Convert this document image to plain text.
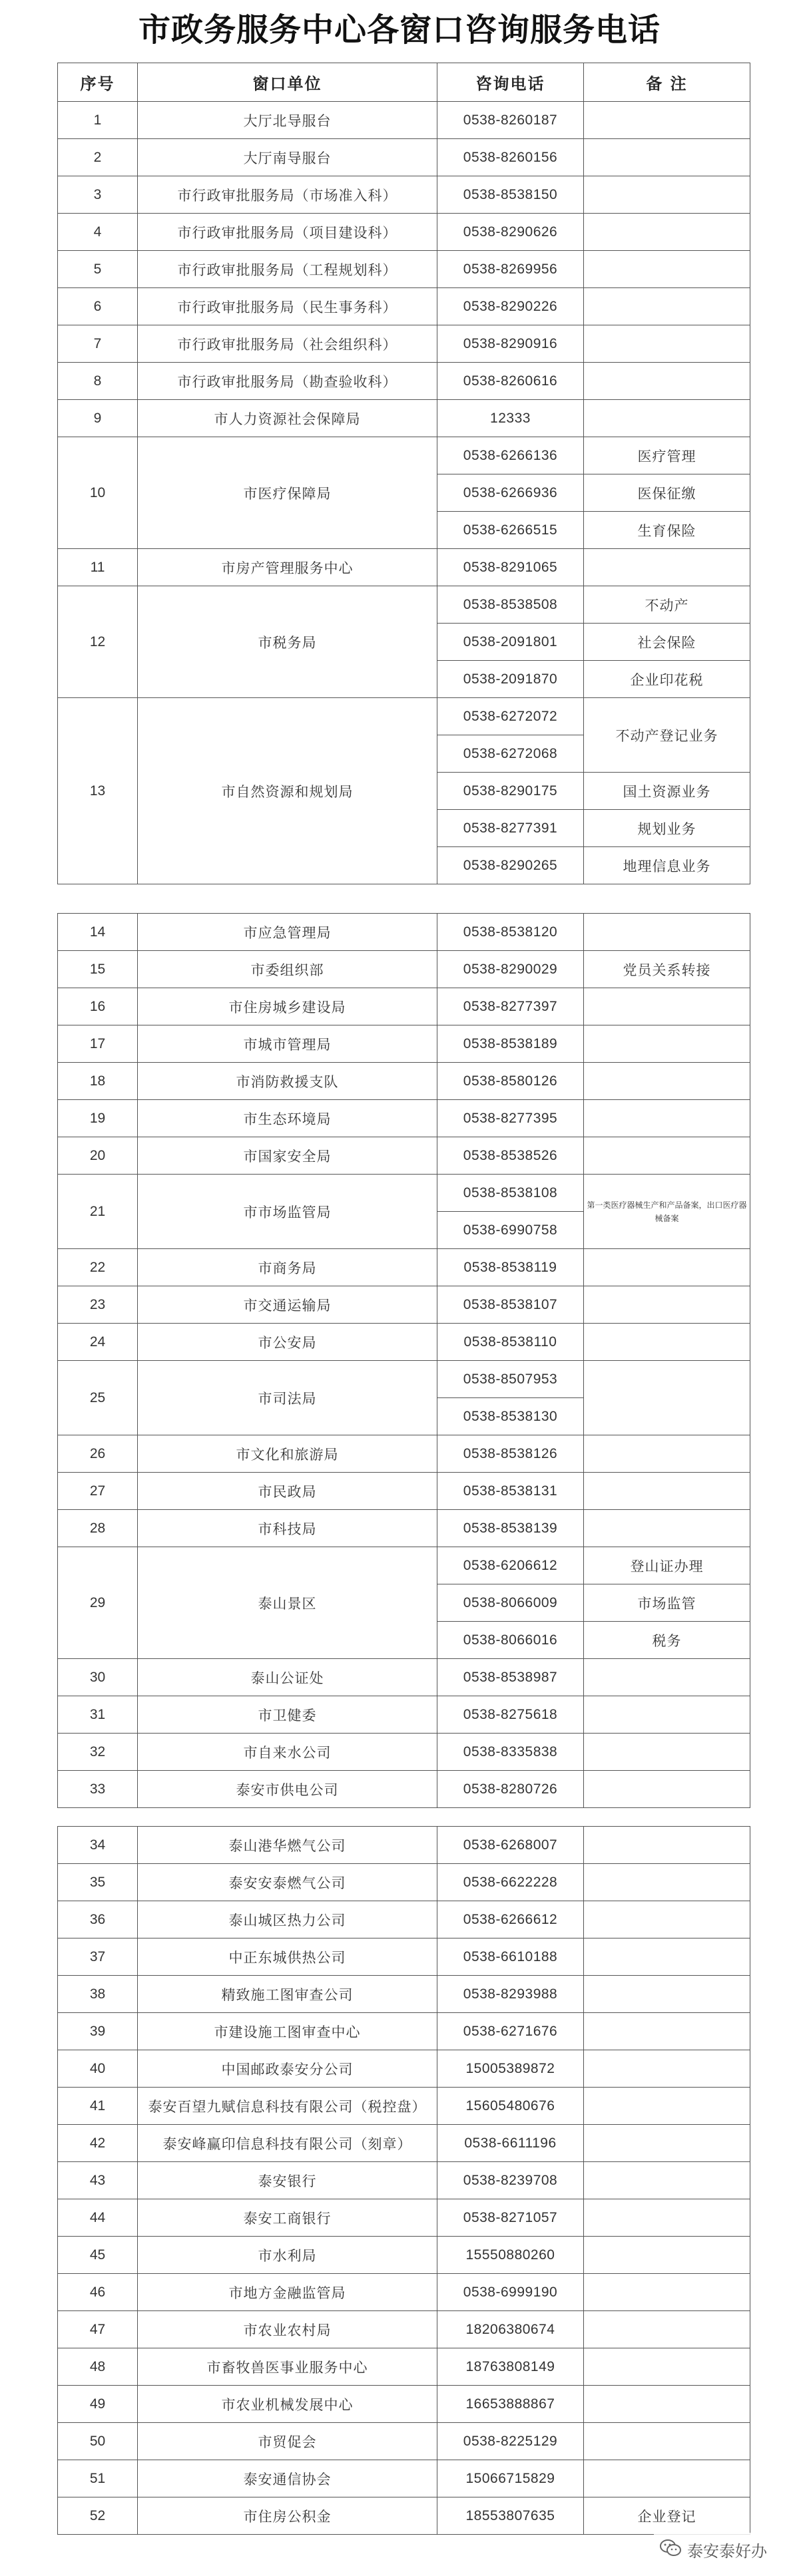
市政务服务中心各窗口咨询服务电话
序号	窗口单位	咨询电话	备 注
1	大厅北导服台	0538-8260187	
2	大厅南导服台	0538-8260156	
3	市行政审批服务局（市场准入科）	0538-8538150	
4	市行政审批服务局（项目建设科）	0538-8290626	
5	市行政审批服务局（工程规划科）	0538-8269956	
6	市行政审批服务局（民生事务科）	0538-8290226	
7	市行政审批服务局（社会组织科）	0538-8290916	
8	市行政审批服务局（勘查验收科）	0538-8260616	
9	市人力资源社会保障局	12333	
10	市医疗保障局	0538-6266136	医疗管理
		0538-6266936	医保征缴
		0538-6266515	生育保险
11	市房产管理服务中心	0538-8291065	
12	市税务局	0538-8538508	不动产
		0538-2091801	社会保险
		0538-2091870	企业印花税
13	市自然资源和规划局	0538-6272072	不动产登记业务
		0538-6272068	
		0538-8290175	国土资源业务
		0538-8277391	规划业务
		0538-8290265	地理信息业务
14	市应急管理局	0538-8538120	
15	市委组织部	0538-8290029	党员关系转接
16	市住房城乡建设局	0538-8277397	
17	市城市管理局	0538-8538189	
18	市消防救援支队	0538-8580126	
19	市生态环境局	0538-8277395	
20	市国家安全局	0538-8538526	
21	市市场监管局	0538-8538108	第一类医疗器械生产和产品备案，出口医疗器械备案
		0538-6990758	
22	市商务局	0538-8538119	
23	市交通运输局	0538-8538107	
24	市公安局	0538-8538110	
25	市司法局	0538-8507953	
		0538-8538130	
26	市文化和旅游局	0538-8538126	
27	市民政局	0538-8538131	
28	市科技局	0538-8538139	
29	泰山景区	0538-6206612	登山证办理
		0538-8066009	市场监管
		0538-8066016	税务
30	泰山公证处	0538-8538987	
31	市卫健委	0538-8275618	
32	市自来水公司	0538-8335838	
33	泰安市供电公司	0538-8280726	
34	泰山港华燃气公司	0538-6268007	
35	泰安安泰燃气公司	0538-6622228	
36	泰山城区热力公司	0538-6266612	
37	中正东城供热公司	0538-6610188	
38	精致施工图审查公司	0538-8293988	
39	市建设施工图审查中心	0538-6271676	
40	中国邮政泰安分公司	15005389872	
41	泰安百望九赋信息科技有限公司（税控盘）	15605480676	
42	泰安峰赢印信息科技有限公司（刻章）	0538-6611196	
43	泰安银行	0538-8239708	
44	泰安工商银行	0538-8271057	
45	市水利局	15550880260	
46	市地方金融监管局	0538-6999190	
47	市农业农村局	18206380674	
48	市畜牧兽医事业服务中心	18763808149	
49	市农业机械发展中心	16653888867	
50	市贸促会	0538-8225129	
51	泰安通信协会	15066715829	
52	市住房公积金	18553807635	企业登记
泰安泰好办
